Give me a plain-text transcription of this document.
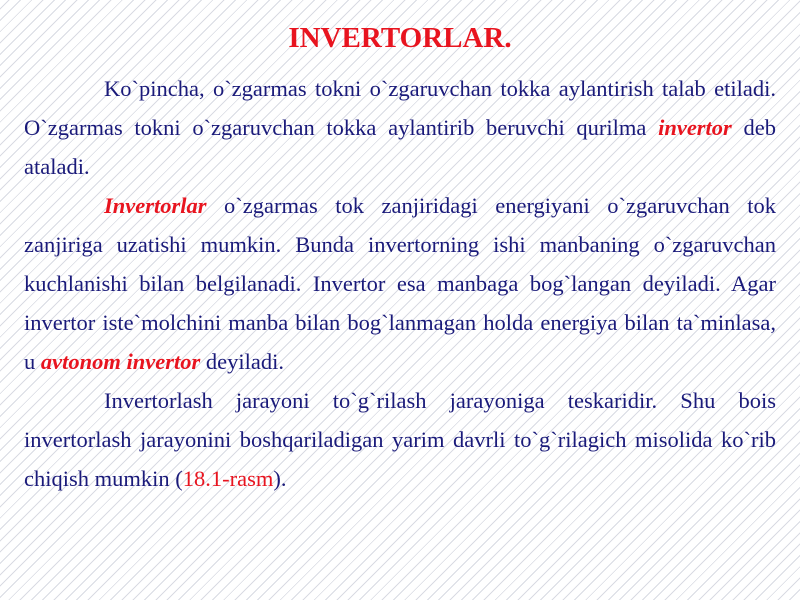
INVERTORLAR.

Ko`pincha, o`zgarmas tokni o`zgaruvchan tokka aylantirish talab etiladi. O`zgarmas tokni o`zgaruvchan tokka aylantirib beruvchi qurilma invertor deb ataladi.

Invertorlar o`zgarmas tok zanjiridagi energiyani o`zgaruvchan tok zanjiriga uzatishi mumkin. Bunda invertorning ishi manbaning o`zgaruvchan kuchlanishi bilan belgilanadi. Invertor esa manbaga bog`langan deyiladi. Agar invertor iste`molchini manba bilan bog`lanmagan holda energiya bilan ta`minlasa, u avtonom invertor deyiladi.

Invertorlash jarayoni to`g`rilash jarayoniga teskaridir. Shu bois invertorlash jarayonini boshqariladigan yarim davrli to`g`rilagich misolida ko`rib chiqish mumkin (18.1-rasm).
